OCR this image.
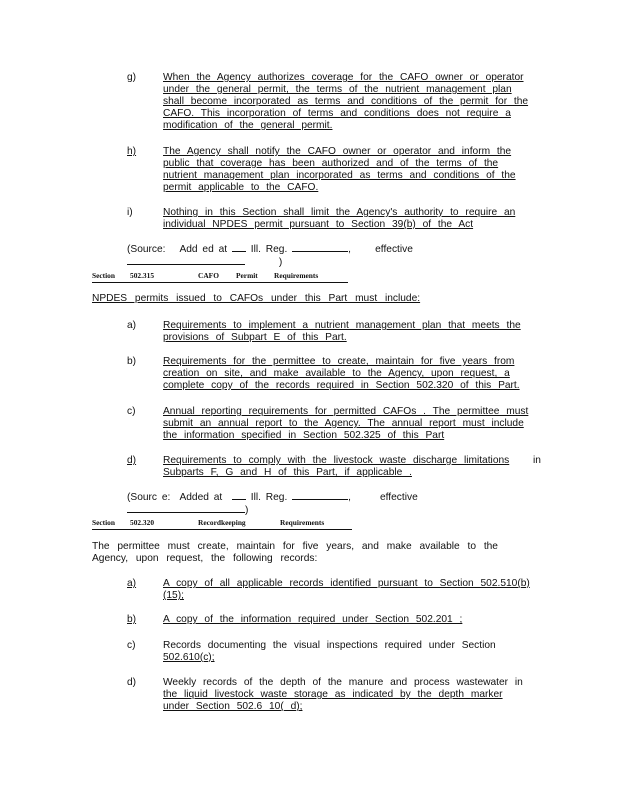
g)	When the Agency authorizes coverage for the CAFO owner or operator under the general permit, the terms of the nutrient management plan shall become incorporated as terms and conditions of the permit for the CAFO. This incorporation of terms and conditions does not require a modification of the general permit.
h)	The Agency shall notify the CAFO owner or operator and inform the public that coverage has been authorized and of the terms of the nutrient management plan incorporated as terms and conditions of the permit applicable to the CAFO.
i)	Nothing in this Section shall limit the Agency's authority to require an individual NPDES permit pursuant to Section 39(b) of the Act
(Source: Add ed at Ill. Reg.	,     effective            )
Section 502.315	CAFO Permit Requirements
NPDES permits issued to CAFOs under this Part must include:
a)	Requirements to implement a nutrient management plan that meets the provisions of Subpart E of this Part.
b)	Requirements for the permittee to create, maintain for five years from creation on site, and make available to the Agency, upon request, a complete copy of the records required in Section 502.320 of this Part.
c)	Annual reporting requirements for permitted CAFOs . The permittee must submit an annual report to the Agency. The annual report must include the information specified in Section 502.325 of this Part
d)	Requirements to comply with the livestock waste discharge limitations in

Subparts F, G and H of this Part, if applicable .
(Sourc e: Added at	Ill. Reg.	,      effective     )
Section 502.320	Recordkeeping	Requirements
The permittee must create, maintain for five years, and make available to the Agency, upon request, the following records:
a)	A copy of all applicable records identified pursuant to Section 502.510(b)(15);
b)	A copy of the information required under Section 502.201 ;
c)	Records documenting the visual inspections required under Section
502.610(c);
d)	Weekly records of the depth of the manure and process wastewater in
the liquid livestock waste storage as indicated by the depth marker under Section 502.6 10( d);
